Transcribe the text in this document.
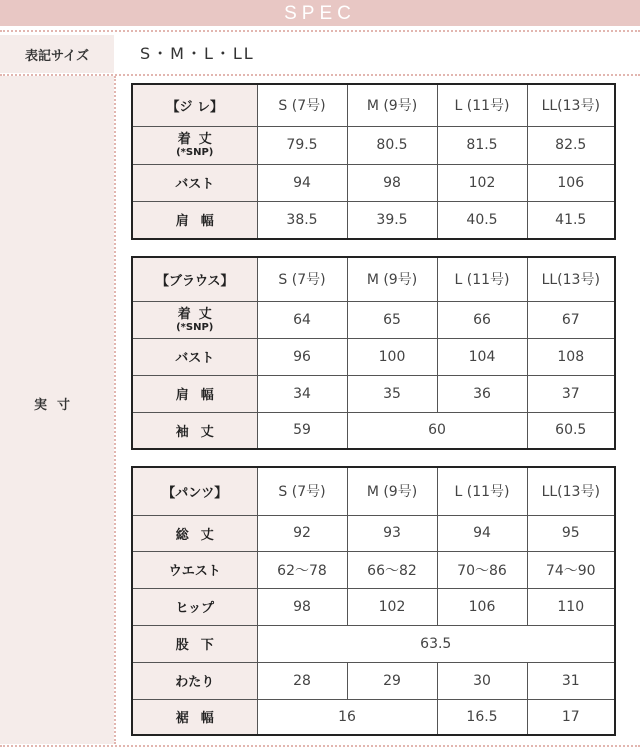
SPEC
表記サイズ	S・M・L・LL
実寸
【ジ レ】	S (7号)	M (9号)	L (11号)	LL(13号)

着丈
(*SNP)	79.5	80.5	81.5	82.5
バスト	94	98	102	106
肩幅	38.5	39.5	40.5	41.5
【ブラウス】	S (7号)	M (9号)	L (11号)	LL(13号)

着丈
(*SNP)	64	65	66	67
バスト	96	100	104	108
肩幅	34	35	36	37
袖丈	59	60		60.5
【パンツ】	S (7号)	M (9号)	L (11号)	LL(13号)
総丈	92	93	94	95
ウエスト	62〜78	66〜82	70〜86	74〜90
ヒップ	98	102	106	110
股下	63.5			
わたり	28	29	30	31
裾幅	16		16.5	17
